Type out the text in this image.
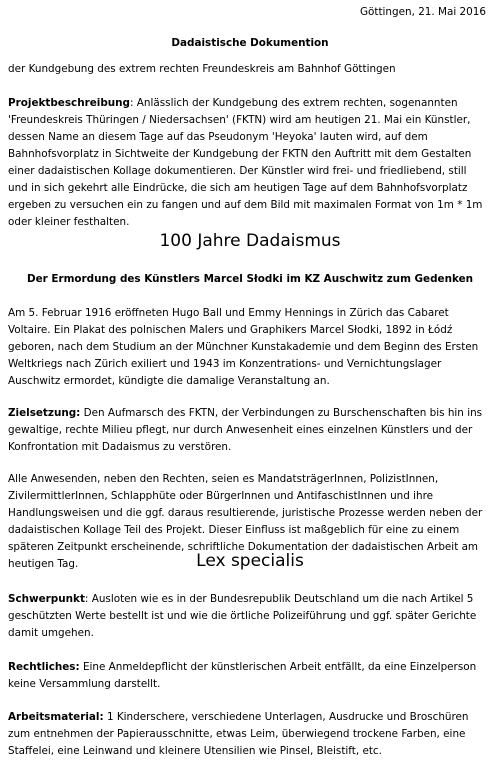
Göttingen, 21. Mai 2016
Dadaistische Dokumention

der Kundgebung des extrem rechten Freundeskreis am Bahnhof Göttingen

Projektbeschreibung: Anlässlich der Kundgebung des extrem rechten, sogenannten 'Freundeskreis Thüringen / Niedersachsen' (FKTN) wird am heutigen 21. Mai ein Künstler, dessen Name an diesem Tage auf das Pseudonym 'Heyoka' lauten wird, auf dem Bahnhofsvorplatz in Sichtweite der Kundgebung der FKTN den Auftritt mit dem Gestalten einer dadaistischen Kollage dokumentieren. Der Künstler wird frei- und friedliebend, still und in sich gekehrt alle Eindrücke, die sich am heutigen Tage auf dem Bahnhofsvorplatz ergeben zu versuchen ein zu fangen und auf dem Bild mit maximalen Format von 1m * 1m oder kleiner festhalten.

100 Jahre Dadaismus
Der Ermordung des Künstlers Marcel Słodki im KZ Auschwitz zum Gedenken

Am 5. Februar 1916 eröffneten Hugo Ball und Emmy Hennings in Zürich das Cabaret Voltaire. Ein Plakat des polnischen Malers und Graphikers Marcel Słodki, 1892 in Łódź geboren, nach dem Studium an der Münchner Kunstakademie und dem Beginn des Ersten Weltkriegs nach Zürich exiliert und 1943 im Konzentrations- und Vernichtungslager Auschwitz ermordet, kündigte die damalige Veranstaltung an.

Zielsetzung: Den Aufmarsch des FKTN, der Verbindungen zu Burschenschaften bis hin ins gewaltige, rechte Milieu pflegt, nur durch Anwesenheit eines einzelnen Künstlers und der Konfrontation mit Dadaismus zu verstören.

Alle Anwesenden, neben den Rechten, seien es MandatsträgerInnen, PolizistInnen, ZivilermittlerInnen, Schlapphüte oder BürgerInnen und AntifaschistInnen und ihre Handlungsweisen und die ggf. daraus resultierende, juristische Prozesse werden neben der dadaistischen Kollage Teil des Projekt. Dieser Einfluss ist maßgeblich für eine zu einem späteren Zeitpunkt erscheinende, schriftliche Dokumentation der dadaistischen Arbeit am heutigen Tag.	Lex specialis

Schwerpunkt: Ausloten wie es in der Bundesrepublik Deutschland um die nach Artikel 5 geschützten Werte bestellt ist und wie die örtliche Polizeiführung und ggf. später Gerichte damit umgehen.

Rechtliches: Eine Anmeldepflicht der künstlerischen Arbeit entfällt, da eine Einzelperson keine Versammlung darstellt.

Arbeitsmaterial: 1 Kinderschere, verschiedene Unterlagen, Ausdrucke und Broschüren zum entnehmen der Papierausschnitte, etwas Leim, überwiegend trockene Farben, eine Staffelei, eine Leinwand und kleinere Utensilien wie Pinsel, Bleistift, etc.
